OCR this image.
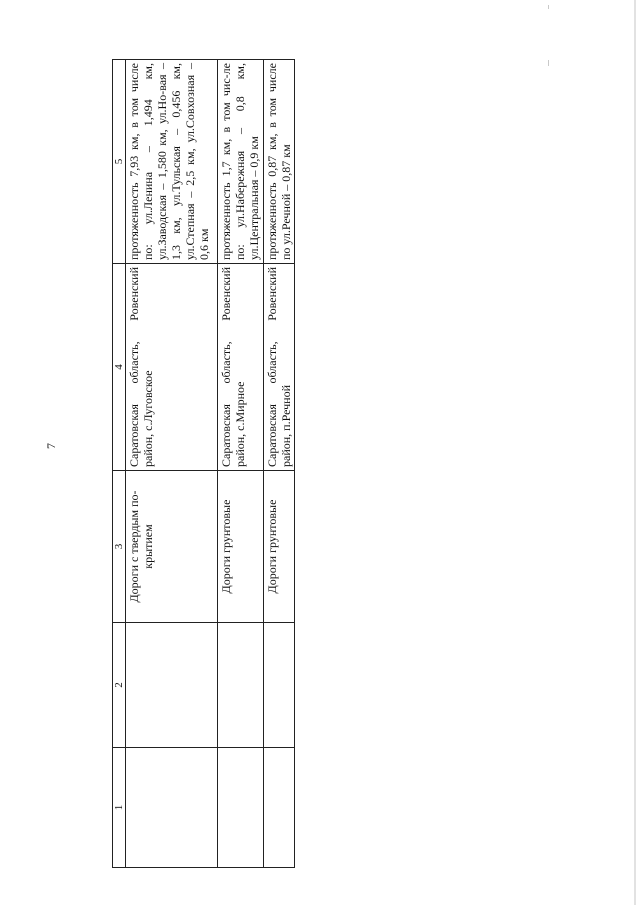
7
1	2	3	4	5
		Дороги с твердым по-крытием	Саратовская область, Ровенский район, с.Луговское	протяженность 7,93 км, в том числе по: ул.Ленина – 1,494 км, ул.Заводская – 1,580 км, ул.Но-вая – 1,3 км, ул.Тульская – 0,456 км, ул.Степная – 2,5 км, ул.Совхозная – 0,6 км
		Дороги грунтовые	Саратовская область, Ровенский район, с.Мирное	протяженность 1,7 км, в том чис-ле по: ул.Набережная – 0,8 км, ул.Центральная – 0,9 км
		Дороги грунтовые	Саратовская область, Ровенский район, п.Речной	протяженность 0,87 км, в том числе по ул.Речной – 0,87 км
